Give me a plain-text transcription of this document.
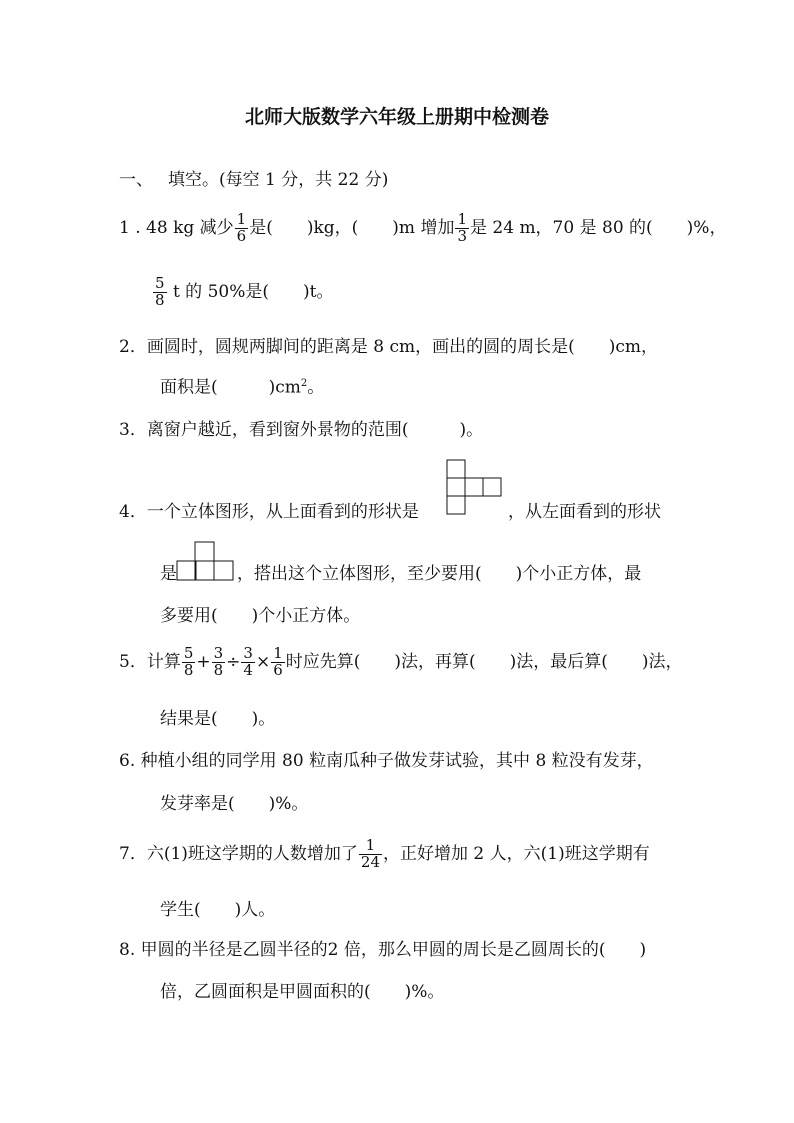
北师大版数学六年级上册期中检测卷
一、 填空。(每空 1 分，共 22 分)
1 . 48 kg 减少 $\frac{1}{6}$ 是(　　)kg，(　　)m 增加 $\frac{1}{3}$ 是 24 m，70 是 80 的(　　)%，
$\frac{5}{8}$ t 的 50%是(　　)t。
2．画圆时，圆规两脚间的距离是 8 cm，画出的圆的周长是(　　)cm，
面积是(　　　)$cm^2$。
3．离窗户越近，看到窗外景物的范围(　　　)。
4．一个立体图形，从上面看到的形状是	，从左面看到的形状
是	，搭出这个立体图形，至少要用(　　)个小正方体，最
多要用(　　)个小正方体。
5．计算 $\frac{5}{8} + \frac{3}{8} \div \frac{3}{4} \times \frac{1}{6}$ 时应先算(　　)法，再算(　　)法，最后算(　　)法，
结果是(　　)。
6. 种植小组的同学用 80 粒南瓜种子做发芽试验，其中 8 粒没有发芽，
发芽率是(　　)%。
7．六(1)班这学期的人数增加了 $\frac{1}{24}$ ，正好增加 2 人，六(1)班这学期有
学生(　　)人。
8. 甲圆的半径是乙圆半径的2 倍，那么甲圆的周长是乙圆周长的(　　)
倍，乙圆面积是甲圆面积的(　　)%。
